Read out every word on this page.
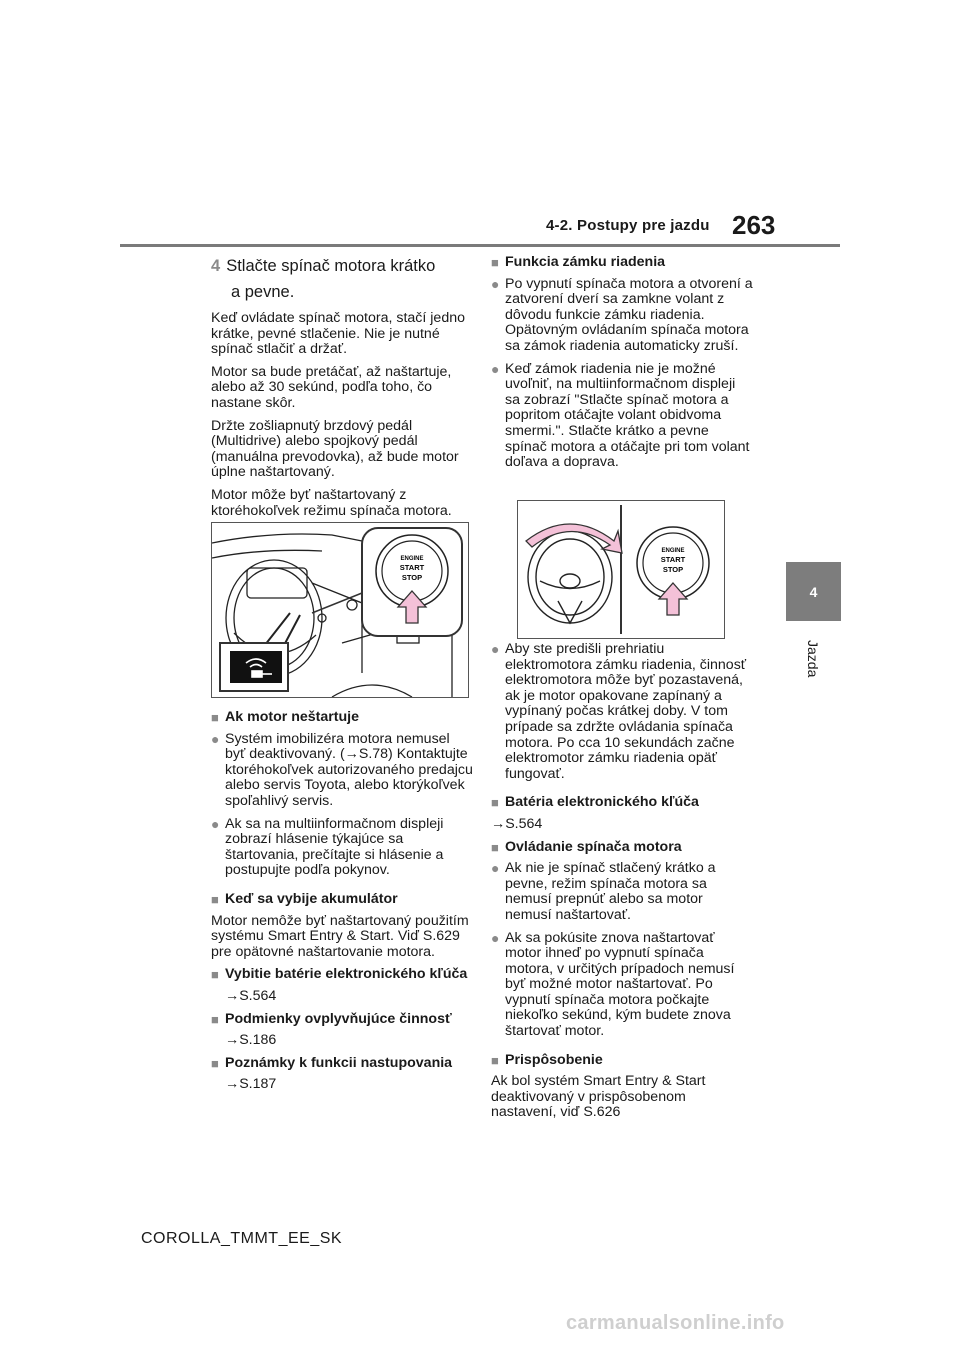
4-2. Postupy pre jazdu 263
4
Jazda

4 Stlačte spínač motora krátko
a pevne.

Keď ovládate spínač motora, stačí jedno krátke, pevné stlačenie. Nie je nutné spínač stlačiť a držať.

Motor sa bude pretáčať, až naštartuje, alebo až 30 sekúnd, podľa toho, čo nastane skôr.

Držte zošliapnutý brzdový pedál (Multidrive) alebo spojkový pedál (manuálna prevodovka), až bude motor úplne naštartovaný.

Motor môže byť naštartovaný z ktoréhokoľvek režimu spínača motora.

ENGINE
START
STOP

■ Ak motor neštartuje

● Systém imobilizéra motora nemusel byť deaktivovaný. (→S.78) Kontaktujte ktoréhokoľvek autorizovaného predajcu alebo servis Toyota, alebo ktorýkoľvek spoľahlivý servis.

● Ak sa na multiinformačnom displeji zobrazí hlásenie týkajúce sa štartovania, prečítajte si hlásenie a postupujte podľa pokynov.

■ Keď sa vybije akumulátor

Motor nemôže byť naštartovaný použitím systému Smart Entry & Start. Viď S.629 pre opätovné naštartovanie motora.

■ Vybitie batérie elektronického kľúča

→S.564

■ Podmienky ovplyvňujúce činnosť

→S.186

■ Poznámky k funkcii nastupovania

→S.187

■ Funkcia zámku riadenia

● Po vypnutí spínača motora a otvorení a zatvorení dverí sa zamkne volant z dôvodu funkcie zámku riadenia. Opätovným ovládaním spínača motora sa zámok riadenia automaticky zruší.

● Keď zámok riadenia nie je možné uvoľniť, na multiinformačnom displeji sa zobrazí "Stlačte spínač motora a popritom otáčajte volant obidvoma smermi.". Stlačte krátko a pevne spínač motora a otáčajte pri tom volant doľava a doprava.

ENGINE
START
STOP
● Aby ste predišli prehriatiu elektromotora zámku riadenia, činnosť elektromotora môže byť pozastavená, ak je motor opakovane zapínaný a vypínaný počas krátkej doby. V tom prípade sa zdržte ovládania spínača motora. Po cca 10 sekundách začne elektromotor zámku riadenia opäť fungovať.

■ Batéria elektronického kľúča

→S.564

■ Ovládanie spínača motora

● Ak nie je spínač stlačený krátko a pevne, režim spínača motora sa nemusí prepnúť alebo sa motor nemusí naštartovať.

● Ak sa pokúsite znova naštartovať motor ihneď po vypnutí spínača motora, v určitých prípadoch nemusí byť možné motor naštartovať. Po vypnutí spínača motora počkajte niekoľko sekúnd, kým budete znova štartovať motor.

■ Prispôsobenie

Ak bol systém Smart Entry & Start deaktivovaný v prispôsobenom nastavení, viď S.626

COROLLA_TMMT_EE_SK
carmanualsonline.info
